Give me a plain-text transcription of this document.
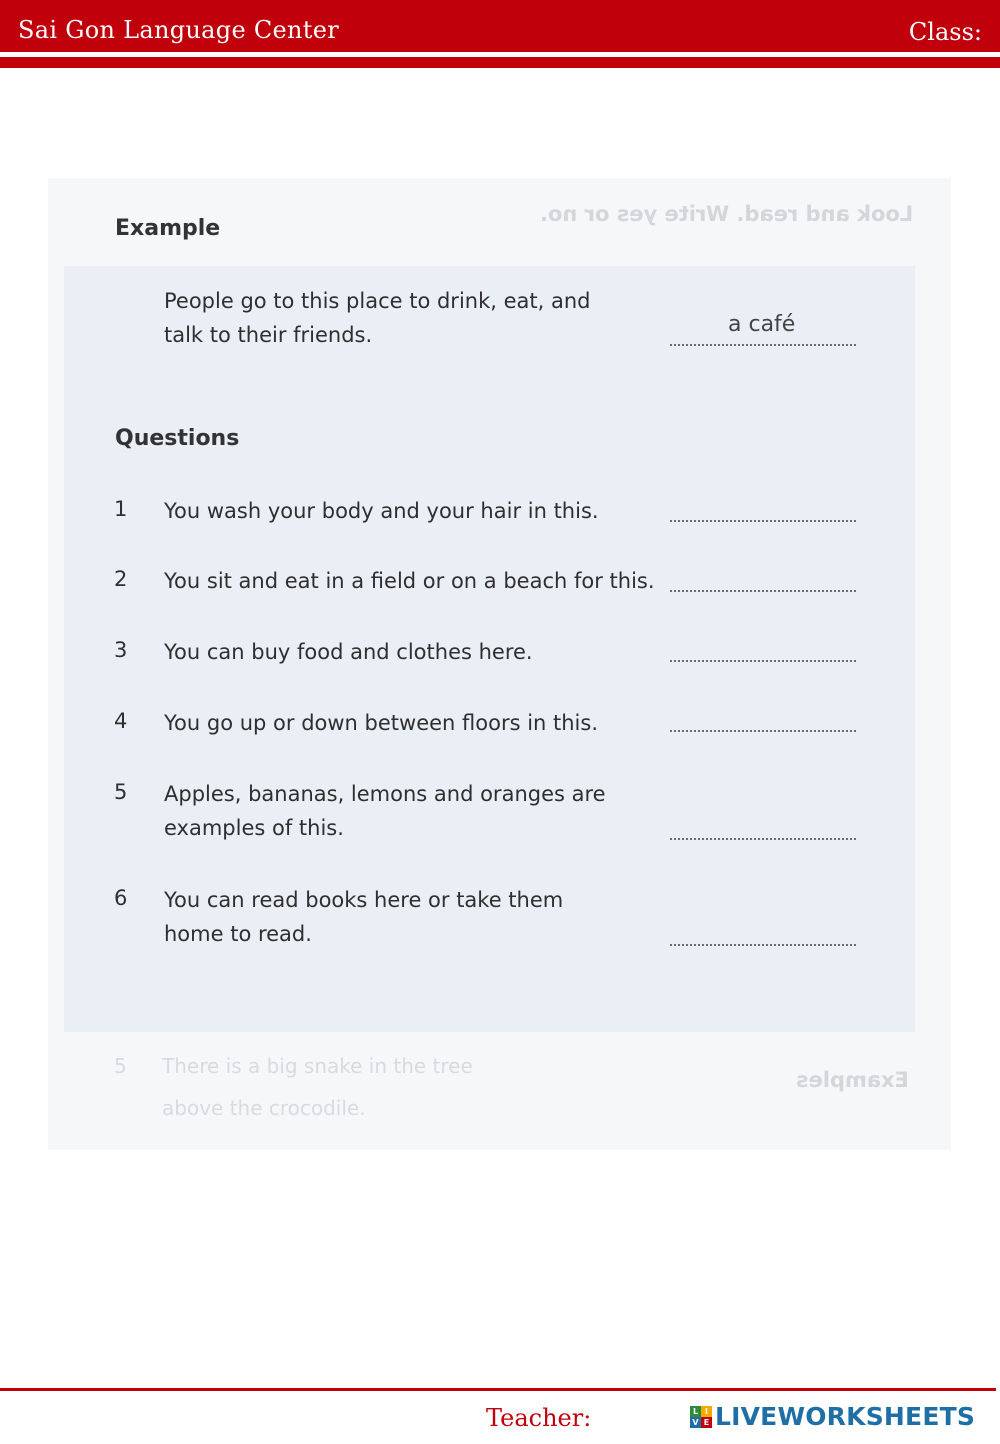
Sai Gon Language Center	Class:
Look and read. Write yes or no.
Examples
5 There is a big snake in the tree
above the crocodile.
Example
People go to this place to drink, eat, and
talk to their friends.	a café
Questions
1 You wash your body and your hair in this.
2 You sit and eat in a field or on a beach for this.
3 You can buy food and clothes here.
4 You go up or down between floors in this.
5 Apples, bananas, lemons and oranges are
examples of this.
6 You can read books here or take them
home to read.
Teacher:	L I
V E LIVEWORKSHEETS
